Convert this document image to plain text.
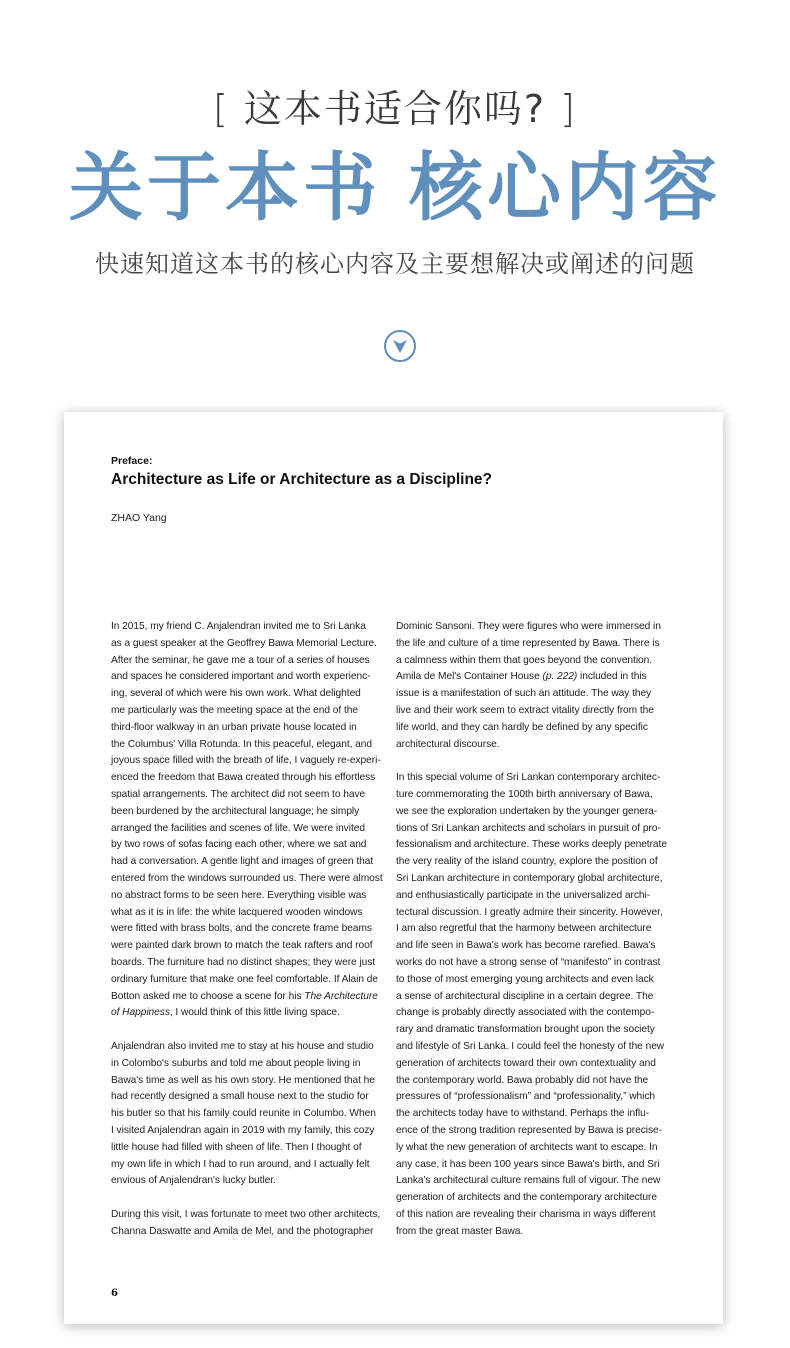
[ 这本书适合你吗? ]
关于本书 核心内容
快速知道这本书的核心内容及主要想解决或阐述的问题
Preface:
Architecture as Life or Architecture as a Discipline?
ZHAO Yang

In 2015, my friend C. Anjalendran invited me to Sri Lanka
as a guest speaker at the Geoffrey Bawa Memorial Lecture.
After the seminar, he gave me a tour of a series of houses
and spaces he considered important and worth experienc-
ing, several of which were his own work. What delighted
me particularly was the meeting space at the end of the
third-floor walkway in an urban private house located in
the Columbus' Villa Rotunda. In this peaceful, elegant, and
joyous space filled with the breath of life, I vaguely re-experi-
enced the freedom that Bawa created through his effortless
spatial arrangements. The architect did not seem to have
been burdened by the architectural language; he simply
arranged the facilities and scenes of life. We were invited
by two rows of sofas facing each other, where we sat and
had a conversation. A gentle light and images of green that
entered from the windows surrounded us. There were almost
no abstract forms to be seen here. Everything visible was
what as it is in life: the white lacquered wooden windows
were fitted with brass bolts, and the concrete frame beams
were painted dark brown to match the teak rafters and roof
boards. The furniture had no distinct shapes; they were just
ordinary furniture that make one feel comfortable. If Alain de
Botton asked me to choose a scene for his The Architecture
of Happiness, I would think of this little living space.

Anjalendran also invited me to stay at his house and studio
in Colombo's suburbs and told me about people living in
Bawa's time as well as his own story. He mentioned that he
had recently designed a small house next to the studio for
his butler so that his family could reunite in Columbo. When
I visited Anjalendran again in 2019 with my family, this cozy
little house had filled with sheen of life. Then I thought of
my own life in which I had to run around, and I actually felt
envious of Anjalendran's lucky butler.

During this visit, I was fortunate to meet two other architects,
Channa Daswatte and Amila de Mel, and the photographer

Dominic Sansoni. They were figures who were immersed in
the life and culture of a time represented by Bawa. There is
a calmness within them that goes beyond the convention.
Amila de Mel's Container House (p. 222) included in this
issue is a manifestation of such an attitude. The way they
live and their work seem to extract vitality directly from the
life world, and they can hardly be defined by any specific
architectural discourse.

In this special volume of Sri Lankan contemporary architec-
ture commemorating the 100th birth anniversary of Bawa,
we see the exploration undertaken by the younger genera-
tions of Sri Lankan architects and scholars in pursuit of pro-
fessionalism and architecture. These works deeply penetrate
the very reality of the island country, explore the position of
Sri Lankan architecture in contemporary global architecture,
and enthusiastically participate in the universalized archi-
tectural discussion. I greatly admire their sincerity. However,
I am also regretful that the harmony between architecture
and life seen in Bawa's work has become rarefied. Bawa's
works do not have a strong sense of “manifesto” in contrast
to those of most emerging young architects and even lack
a sense of architectural discipline in a certain degree. The
change is probably directly associated with the contempo-
rary and dramatic transformation brought upon the society
and lifestyle of Sri Lanka. I could feel the honesty of the new
generation of architects toward their own contextuality and
the contemporary world. Bawa probably did not have the
pressures of “professionalism” and “professionality,” which
the architects today have to withstand. Perhaps the influ-
ence of the strong tradition represented by Bawa is precise-
ly what the new generation of architects want to escape. In
any case, it has been 100 years since Bawa's birth, and Sri
Lanka's architectural culture remains full of vigour. The new
generation of architects and the contemporary architecture
of this nation are revealing their charisma in ways different
from the great master Bawa.

6
